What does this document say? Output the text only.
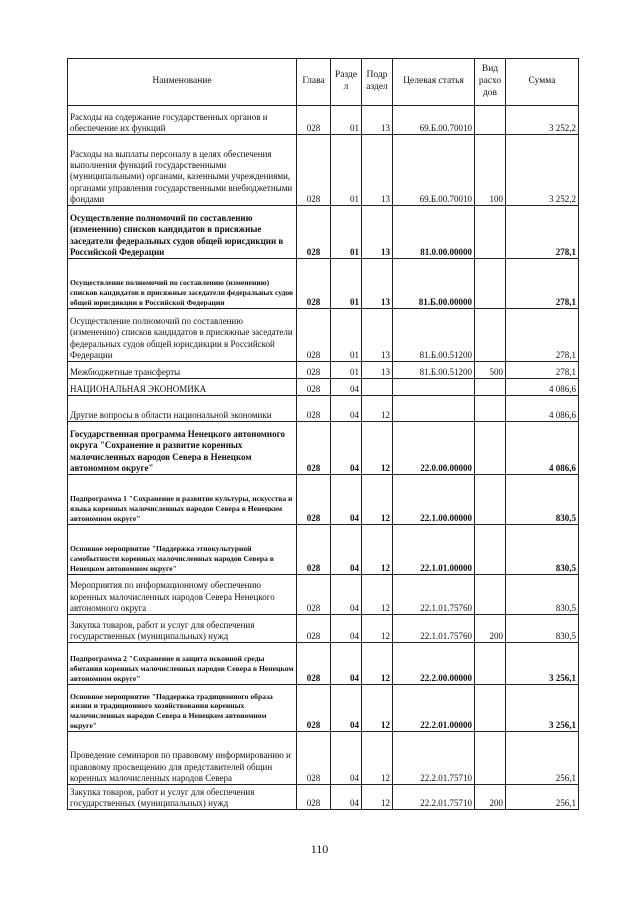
Наименование	Глава	Разде л	Подр аздел	Целевая статья	Вид расхо дов	Сумма
Расходы на содержание государственных органов и обеспечение их функций	028	01	13	69.Б.00.70010		3 252,2
Расходы на выплаты персоналу в целях обеспечения выполнения функций государственными (муниципальными) органами, казенными учреждениями, органами управления государственными внебюджетными фондами	028	01	13	69.Б.00.70010	100	3 252,2
Осуществление полномочий по составлению (изменению) списков кандидатов в присяжные заседатели федеральных судов общей юрисдикции в Российской Федерации	028	01	13	81.0.00.00000		278,1
Осуществление полномочий по составлению (изменению) списков кандидатов в присяжные заседатели федеральных судов общей юрисдикции в Российской Федерации	028	01	13	81.Б.00.00000		278,1
Осуществление полномочий по составлению (изменению) списков кандидатов в присяжные заседатели федеральных судов общей юрисдикции в Российской Федерации	028	01	13	81.Б.00.51200		278,1
Межбюджетные трансферты	028	01	13	81.Б.00.51200	500	278,1
НАЦИОНАЛЬНАЯ ЭКОНОМИКА	028	04				4 086,6
Другие вопросы в области национальной экономики	028	04	12			4 086,6
Государственная программа Ненецкого автономного округа "Сохранение и развитие коренных малочисленных народов Севера в Ненецком автономном округе"	028	04	12	22.0.00.00000		4 086,6
Подпрограмма 1 "Сохранение и развитие культуры, искусства и языка коренных малочисленных народов Севера в Ненецком автономном округе"	028	04	12	22.1.00.00000		830,5
Основное мероприятие "Поддержка этнокультурной самобытности коренных малочисленных народов Севера в Ненецком автономном округе"	028	04	12	22.1.01.00000		830,5
Мероприятия по информационному обеспечению коренных малочисленных народов Севера Ненецкого автономного округа	028	04	12	22.1.01.75760		830,5
Закупка товаров, работ и услуг для обеспечения государственных (муниципальных) нужд	028	04	12	22.1.01.75760	200	830,5
Подпрограмма 2 "Сохранение и защита исконной среды обитания коренных малочисленных народов Севера в Ненецком автономном округе"	028	04	12	22.2.00.00000		3 256,1
Основное мероприятие "Поддержка традиционного образа жизни и традиционного хозяйствования коренных малочисленных народов Севера в Ненецком автономном округе"	028	04	12	22.2.01.00000		3 256,1
Проведение семинаров по правовому информированию и правовому просвещению для представителей общин коренных малочисленных народов Севера	028	04	12	22.2.01.75710		256,1
Закупка товаров, работ и услуг для обеспечения государственных (муниципальных) нужд	028	04	12	22.2.01.75710	200	256,1
110
